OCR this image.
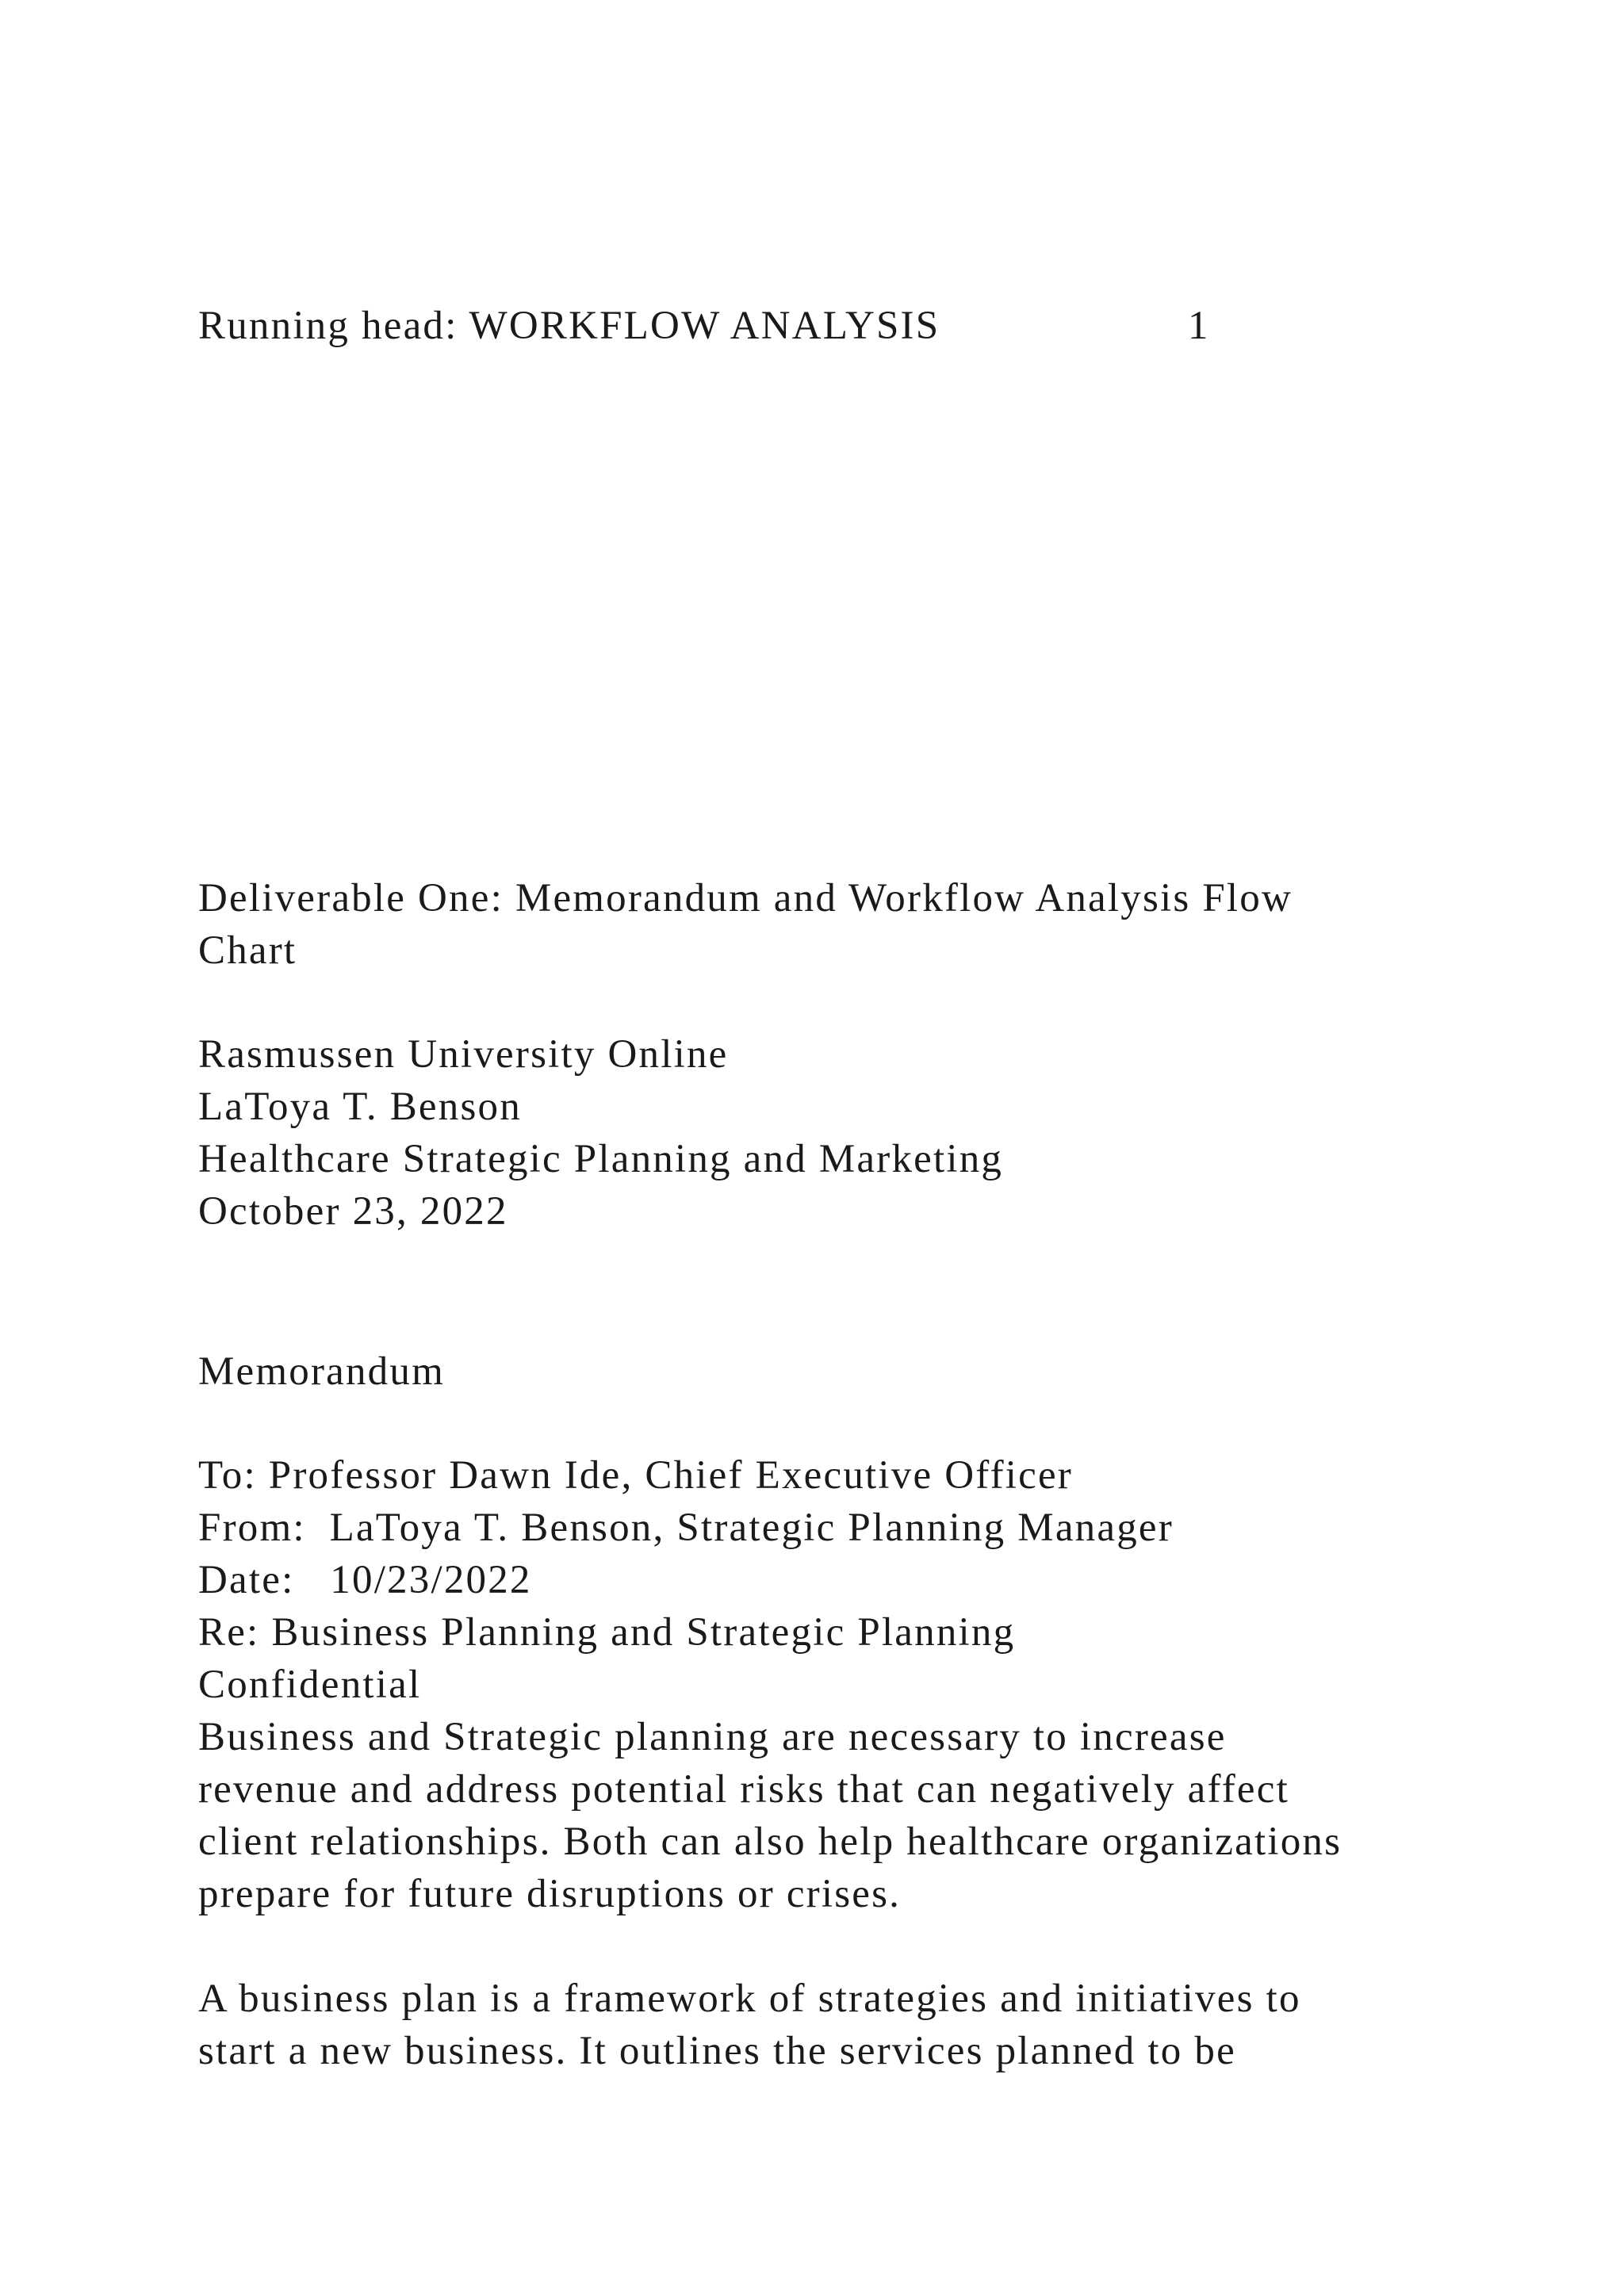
Running head: WORKFLOW ANALYSIS	1

Deliverable One: Memorandum and Workflow Analysis Flow

Chart

Rasmussen University Online

LaToya T. Benson

Healthcare Strategic Planning and Marketing

October 23, 2022

Memorandum

To: Professor Dawn Ide, Chief Executive Officer

From:  LaToya T. Benson, Strategic Planning Manager

Date:   10/23/2022

Re: Business Planning and Strategic Planning

Confidential

Business and Strategic planning are necessary to increase

revenue and address potential risks that can negatively affect

client relationships. Both can also help healthcare organizations

prepare for future disruptions or crises.

A business plan is a framework of strategies and initiatives to

start a new business. It outlines the services planned to be
